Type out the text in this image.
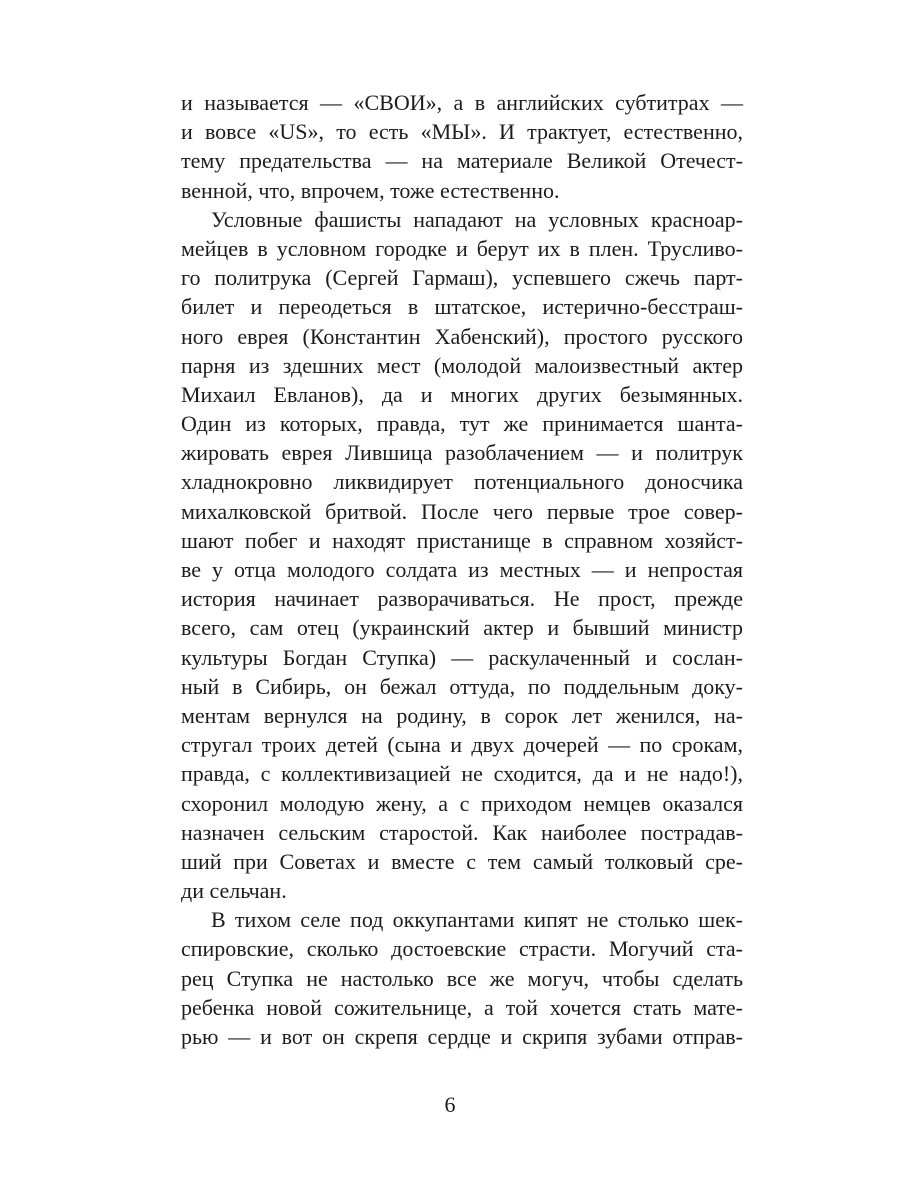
и называется — «СВОИ», а в английских субтитрах —
и вовсе «US», то есть «МЫ». И трактует, естественно,
тему предательства — на материале Великой Отечест-
венной, что, впрочем, тоже естественно.
Условные фашисты нападают на условных красноар-
мейцев в условном городке и берут их в плен. Трусливо-
го политрука (Сергей Гармаш), успевшего сжечь парт-
билет и переодеться в штатское, истерично-бесстраш-
ного еврея (Константин Хабенский), простого русского
парня из здешних мест (молодой малоизвестный актер
Михаил Евланов), да и многих других безымянных.
Один из которых, правда, тут же принимается шанта-
жировать еврея Лившица разоблачением — и политрук
хладнокровно ликвидирует потенциального доносчика
михалковской бритвой. После чего первые трое совер-
шают побег и находят пристанище в справном хозяйст-
ве у отца молодого солдата из местных — и непростая
история начинает разворачиваться. Не прост, прежде
всего, сам отец (украинский актер и бывший министр
культуры Богдан Ступка) — раскулаченный и сослан-
ный в Сибирь, он бежал оттуда, по поддельным доку-
ментам вернулся на родину, в сорок лет женился, на-
стругал троих детей (сына и двух дочерей — по срокам,
правда, с коллективизацией не сходится, да и не надо!),
схоронил молодую жену, а с приходом немцев оказался
назначен сельским старостой. Как наиболее пострадав-
ший при Советах и вместе с тем самый толковый сре-
ди сельчан.
В тихом селе под оккупантами кипят не столько шек-
спировские, сколько достоевские страсти. Могучий ста-
рец Ступка не настолько все же могуч, чтобы сделать
ребенка новой сожительнице, а той хочется стать мате-
рью — и вот он скрепя сердце и скрипя зубами отправ-
6
